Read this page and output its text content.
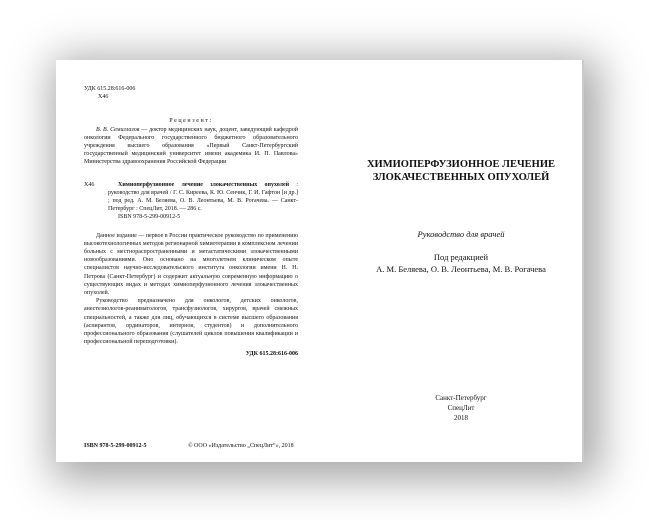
УДК 615.28:616-006
Х46
Рецензент:
В. В. Семиглазов — доктор медицинских наук, доцент, заведующий кафедрой онкологии Федерального государственного бюджетного образовательного учреждения высшего образования «Первый Санкт-Петербургский государственный медицинский университет имени академика И. П. Павлова» Министерства здравоохранения Российской Федерации
Х46	Химиоперфузионное лечение злокачественных опухолей : руководство для врачей / Г. С. Киреева, К. Ю. Сенчик, Г. И. Гафтон [и др.] ; под ред. А. М. Беляева, О. В. Леонтьева, М. В. Рогачева. — Санкт-Петербург : СпецЛит, 2018. — 286 с.
ISBN 978-5-299-00912-5
Данное издание — первое в России практическое руководство по применению высокотехнологичных методов регионарной химиотерапии в комплексном лечении больных с местнораспространенными и метастатическими злокачественными новообразованиями. Оно основано на многолетнем клиническом опыте специалистов научно-исследовательского института онкологии имени Н. Н. Петрова (Санкт-Петербург) и содержит актуальную современную информацию о существующих видах и методах химиоперфузионного лечения злокачественных опухолей.
Руководство предназначено для онкологов, детских онкологов, анестезиологов-реаниматологов, трансфузиологов, хирургов, врачей смежных специальностей, а также для лиц, обучающихся в системе высшего образования (аспирантов, ординаторов, интернов, студентов) и дополнительного профессионального образования (слушателей циклов повышения квалификации и профессиональной переподготовки).
УДК 615.28:616-006
ISBN 978-5-299-00912-5	© ООО «Издательство „СпецЛит“», 2018
ХИМИОПЕРФУЗИОННОЕ ЛЕЧЕНИЕ
ЗЛОКАЧЕСТВЕННЫХ ОПУХОЛЕЙ
Руководство для врачей
Под редакцией
А. М. Беляева, О. В. Леонтьева, М. В. Рогачева
Санкт-Петербург
СпецЛит
2018
